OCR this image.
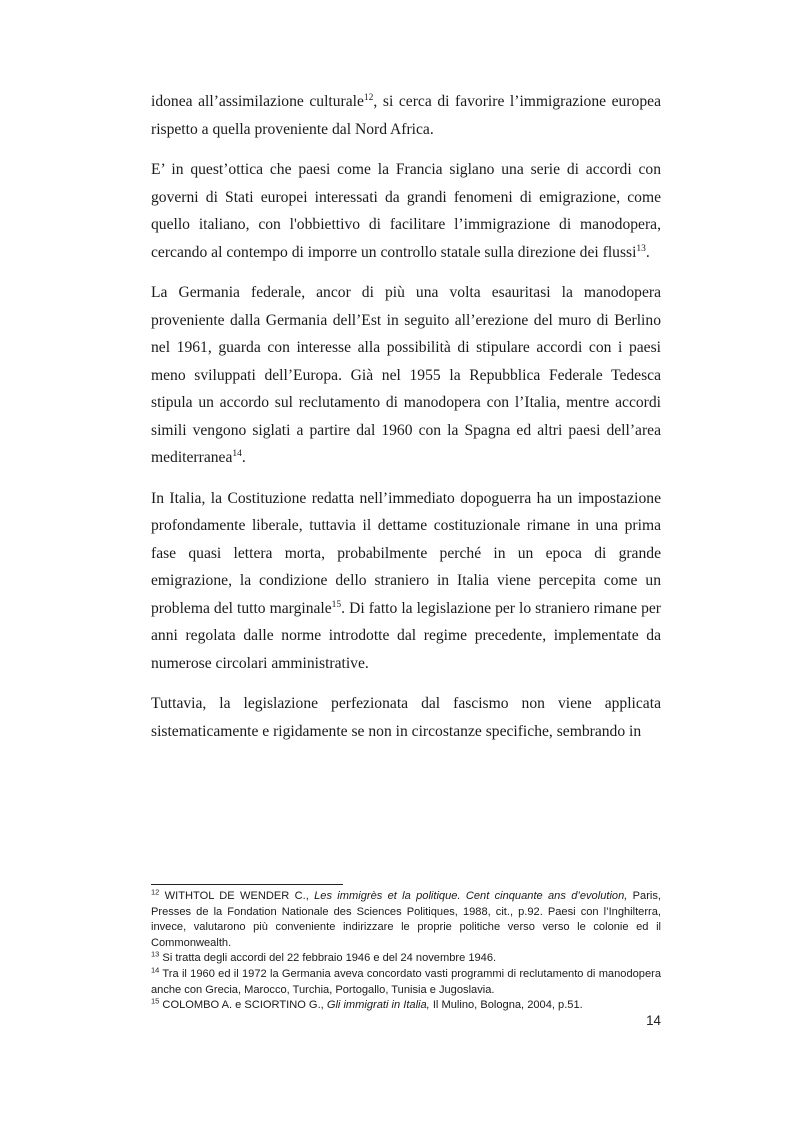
idonea all’assimilazione culturale$^{12}$, si cerca di favorire l’immigrazione europea rispetto a quella proveniente dal Nord Africa.

E’ in quest’ottica che paesi come la Francia siglano una serie di accordi con governi di Stati europei interessati da grandi fenomeni di emigrazione, come quello italiano, con l'obbiettivo di facilitare l’immigrazione di manodopera, cercando al contempo di imporre un controllo statale sulla direzione dei flussi$^{13}$.

La Germania federale, ancor di più una volta esauritasi la manodopera proveniente dalla Germania dell’Est in seguito all’erezione del muro di Berlino nel 1961, guarda con interesse alla possibilità di stipulare accordi con i paesi meno sviluppati dell’Europa. Già nel 1955 la Repubblica Federale Tedesca stipula un accordo sul reclutamento di manodopera con l’Italia, mentre accordi simili vengono siglati a partire dal 1960 con la Spagna ed altri paesi dell’area mediterranea$^{14}$.

In Italia, la Costituzione redatta nell’immediato dopoguerra ha un impostazione profondamente liberale, tuttavia il dettame costituzionale rimane in una prima fase quasi lettera morta, probabilmente perché in un epoca di grande emigrazione, la condizione dello straniero in Italia viene percepita come un problema del tutto marginale$^{15}$. Di fatto la legislazione per lo straniero rimane per anni regolata dalle norme introdotte dal regime precedente, implementate da numerose circolari amministrative.

Tuttavia, la legislazione perfezionata dal fascismo non viene applicata sistematicamente e rigidamente se non in circostanze specifiche, sembrando in

$^{12}$ WITHTOL DE WENDER C., Les immigrès et la politique. Cent cinquante ans d’evolution, Paris, Presses de la Fondation Nationale des Sciences Politiques, 1988, cit., p.92. Paesi con l’Inghilterra, invece, valutarono più conveniente indirizzare le proprie politiche verso verso le colonie ed il Commonwealth.

$^{13}$ Si tratta degli accordi del 22 febbraio 1946 e del 24 novembre 1946.

$^{14}$ Tra il 1960 ed il 1972 la Germania aveva concordato vasti programmi di reclutamento di manodopera anche con Grecia, Marocco, Turchia, Portogallo, Tunisia e Jugoslavia.

$^{15}$ COLOMBO A. e SCIORTINO G., Gli immigrati in Italia, Il Mulino, Bologna, 2004, p.51.

14
